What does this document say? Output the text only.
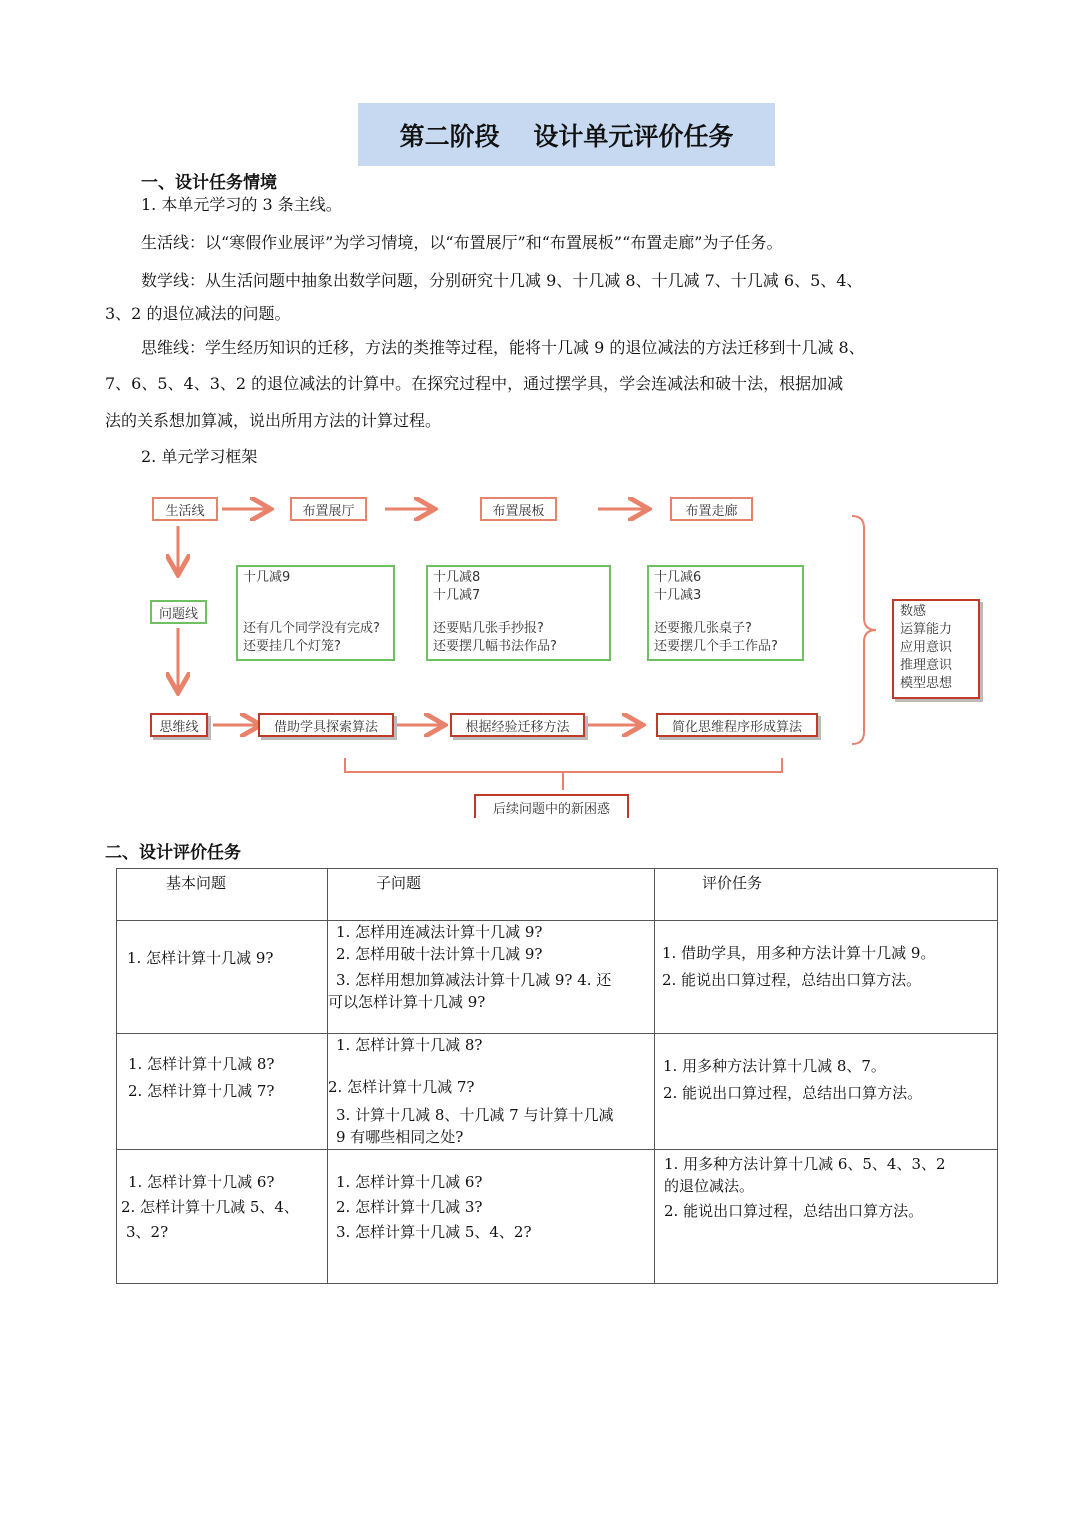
第二阶段　 设计单元评价任务
一、设计任务情境
1. 本单元学习的 3 条主线。
生活线：以“寒假作业展评”为学习情境，以“布置展厅”和“布置展板”“布置走廊”为子任务。
数学线：从生活问题中抽象出数学问题，分别研究十几减 9、十几减 8、十几减 7、十几减 6、5、4、
3、2 的退位减法的问题。
思维线：学生经历知识的迁移，方法的类推等过程，能将十几减 9 的退位减法的方法迁移到十几减 8、
7、6、5、4、3、2 的退位减法的计算中。在探究过程中，通过摆学具，学会连减法和破十法，根据加减
法的关系想加算减，说出所用方法的计算过程。
2. 单元学习框架
生活线	布置展厅	布置展板	布置走廊
问题线
十几减9
还有几个同学没有完成?
还要挂几个灯笼?
十几减8
十几减7
还要贴几张手抄报?
还要摆几幅书法作品?
十几减6
十几减3
还要搬几张桌子?
还要摆几个手工作品?
思维线	借助学具探索算法	根据经验迁移方法	简化思维程序形成算法
后续问题中的新困惑
数感
运算能力
应用意识
推理意识
模型思想
二、设计评价任务
基本问题	子问题	评价任务

1. 怎样计算十几减 9?	1. 怎样用连减法计算十几减 9?
2. 怎样用破十法计算十几减 9?
3. 怎样用想加算减法计算十几减 9? 4. 还
可以怎样计算十几减 9?	1. 借助学具，用多种方法计算十几减 9。
2. 能说出口算过程，总结出口算方法。

1. 怎样计算十几减 8?
2. 怎样计算十几减 7?	1. 怎样计算十几减 8?
2. 怎样计算十几减 7?
3. 计算十几减 8、十几减 7 与计算十几减
9 有哪些相同之处?	1. 用多种方法计算十几减 8、7。
2. 能说出口算过程，总结出口算方法。

1. 怎样计算十几减 6?
2. 怎样计算十几减 5、4、
3、2?	1. 怎样计算十几减 6?
2. 怎样计算十几减 3?
3. 怎样计算十几减 5、4、2?	1. 用多种方法计算十几减 6、5、4、3、2
的退位减法。
2. 能说出口算过程，总结出口算方法。
